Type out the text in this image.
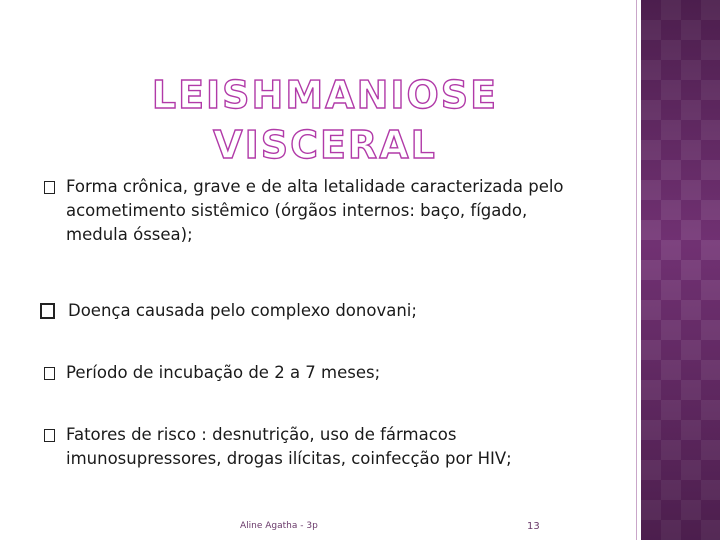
LEISHMANIOSE VISCERAL
Forma crônica, grave e de alta letalidade caracterizada pelo acometimento sistêmico (órgãos internos: baço, fígado, medula óssea);
Doença causada pelo complexo donovani;
Período de incubação de 2 a 7 meses;
Fatores de risco : desnutrição, uso de fármacos imunosupressores, drogas ilícitas, coinfecção por HIV;
Aline Agatha - 3p	13
